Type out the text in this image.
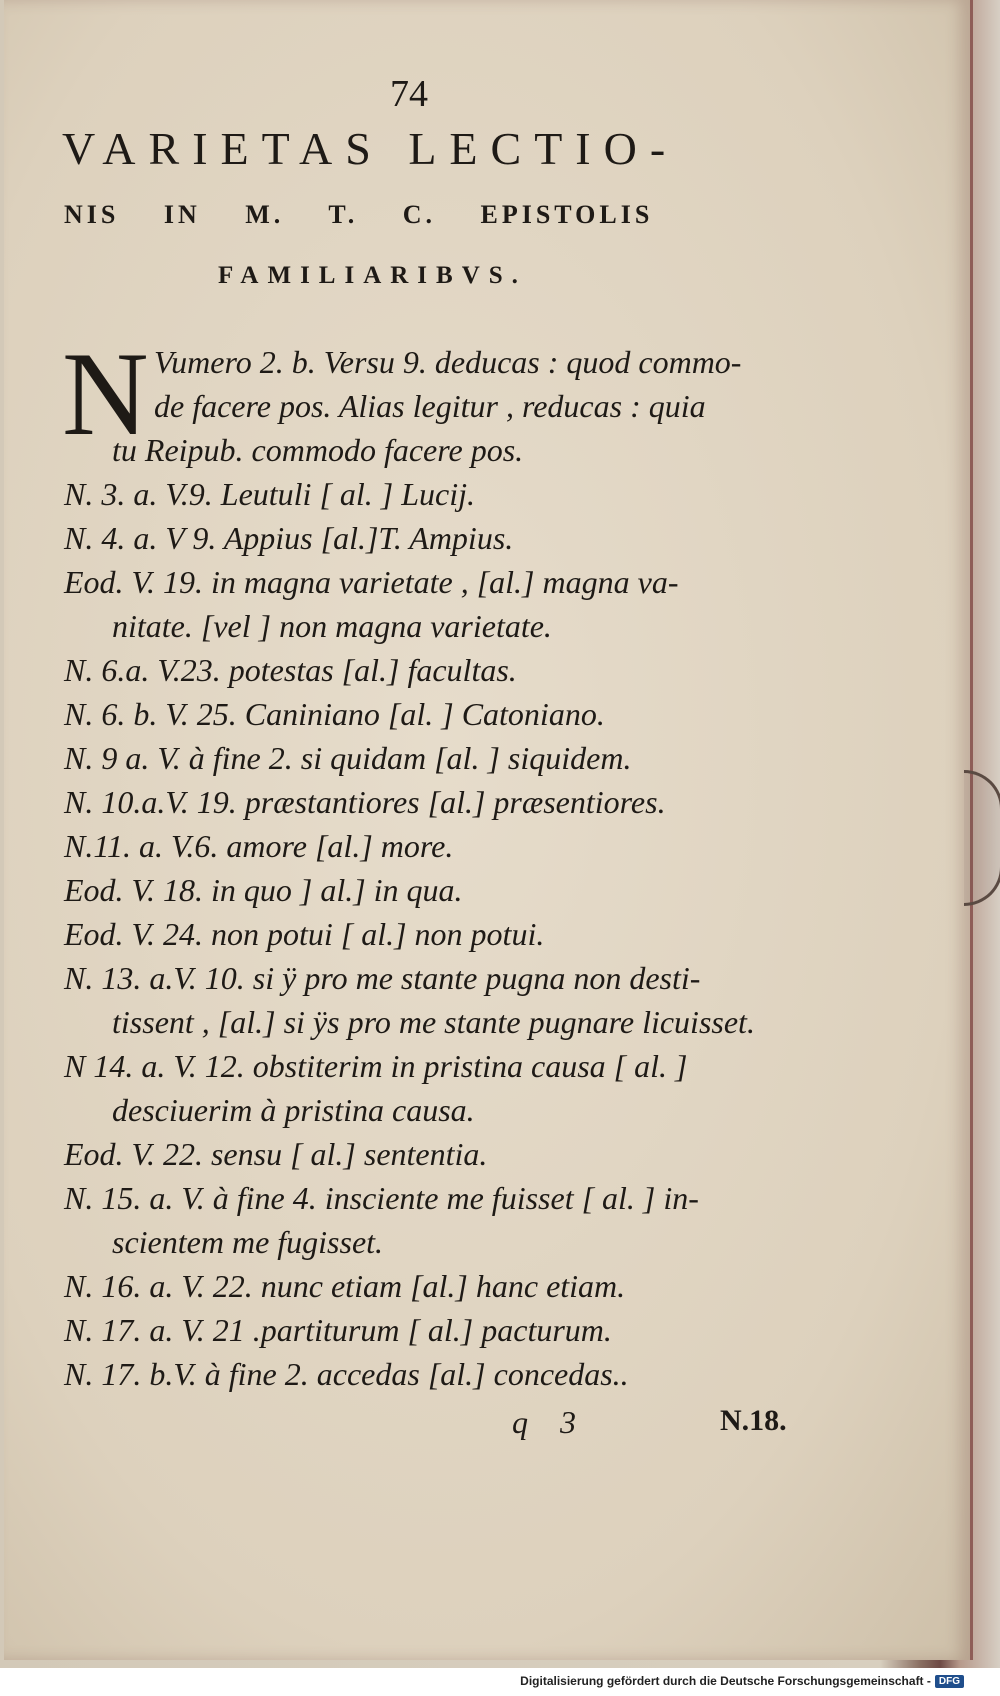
74
VARIETAS LECTIO-
NIS IN M. T. C. EPISTOLIS
FAMILIARIBVS.
N Vumero 2. b. Versu 9. deducas : quod commo-
de facere pos. Alias legitur , reducas : quia
tu Reipub. commodo facere pos.
N. 3. a. V.9. Leutuli [ al. ] Lucij.
N. 4. a. V 9. Appius [al.]T. Ampius.
Eod. V. 19. in magna varietate , [al.] magna va-
nitate. [vel ] non magna varietate.
N. 6.a. V.23. potestas [al.] facultas.
N. 6. b. V. 25. Caniniano [al. ] Catoniano.
N. 9 a. V. à fine 2. si quidam [al. ] siquidem.
N. 10.a.V. 19. præstantiores [al.] præsentiores.
N.11. a. V.6. amore [al.] more.
Eod. V. 18. in quo ] al.] in qua.
Eod. V. 24. non potui [ al.] non potui.
N. 13. a.V. 10. si ÿ pro me stante pugna non desti-
tissent , [al.] si ÿs pro me stante pugnare licuisset.
N 14. a. V. 12. obstiterim in pristina causa [ al. ]
desciuerim à pristina causa.
Eod. V. 22. sensu [ al.] sententia.
N. 15. a. V. à fine 4. insciente me fuisset [ al. ] in-
scientem me fugisset.
N. 16. a. V. 22. nunc etiam [al.] hanc etiam.
N. 17. a. V. 21 .partiturum [ al.] pacturum.
N. 17. b.V. à fine 2. accedas [al.] concedas..
q 3	N.18.
Digitalisierung gefördert durch die Deutsche Forschungsgemeinschaft - DFG
